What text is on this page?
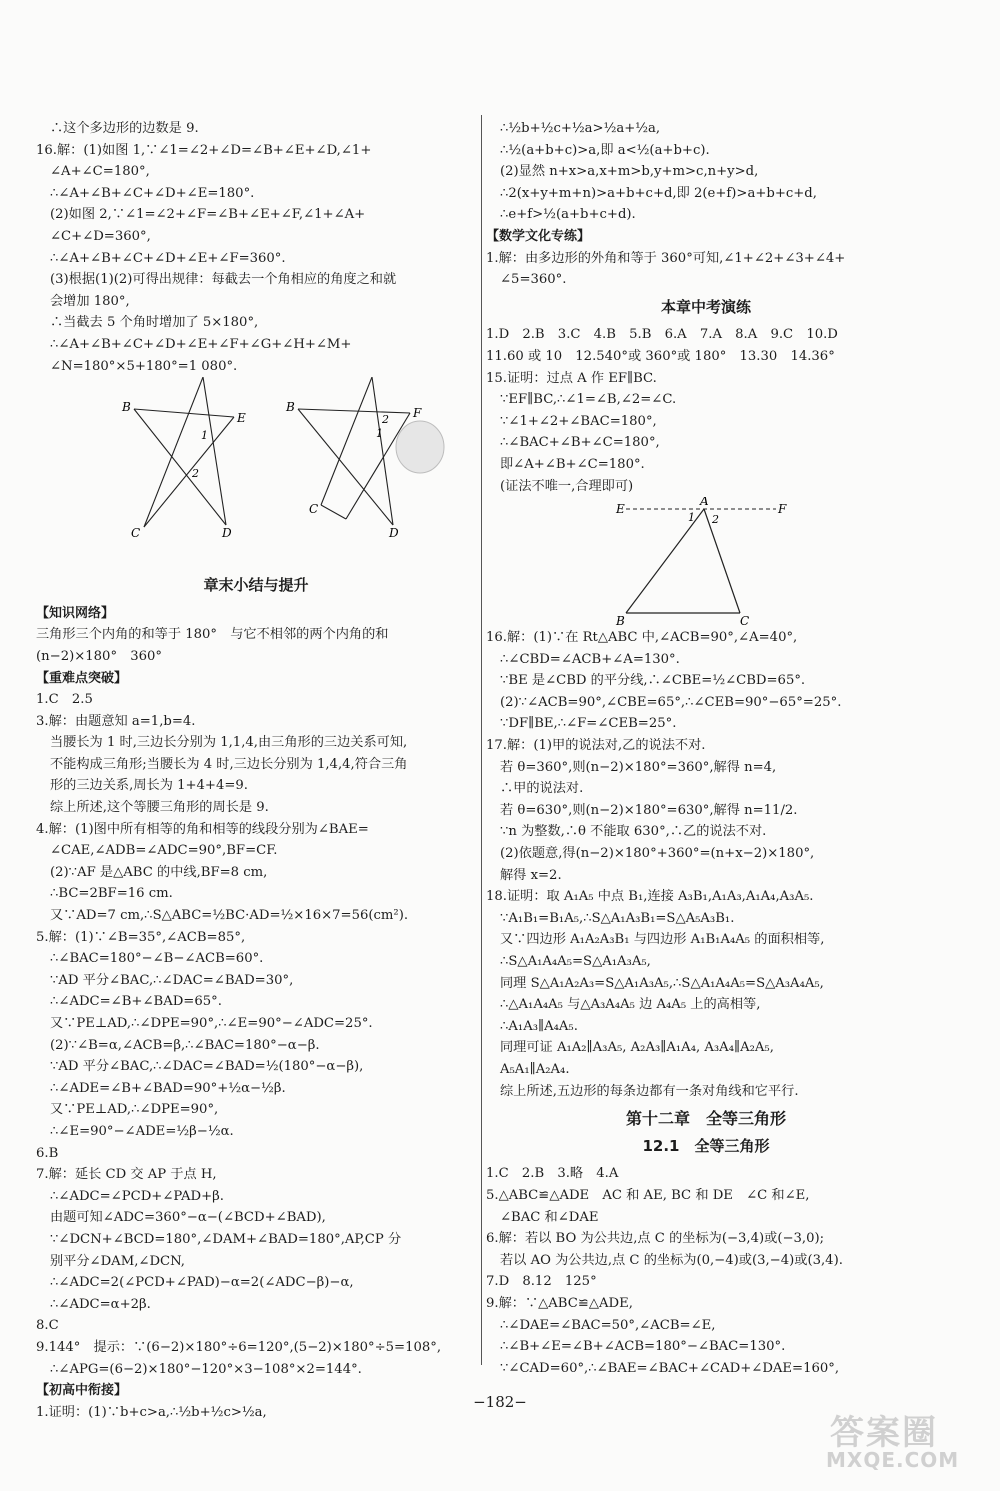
∴这个多边形的边数是 9.
16.解：(1)如图 1,∵∠1=∠2+∠D=∠B+∠E+∠D,∠1+
∠A+∠C=180°,
∴∠A+∠B+∠C+∠D+∠E=180°.
(2)如图 2,∵∠1=∠2+∠F=∠B+∠E+∠F,∠1+∠A+
∠C+∠D=360°,
∴∠A+∠B+∠C+∠D+∠E+∠F=360°.
(3)根据(1)(2)可得出规律：每截去一个角相应的角度之和就
会增加 180°,
∴当截去 5 个角时增加了 5×180°,
∴∠A+∠B+∠C+∠D+∠E+∠F+∠G+∠H+∠M+
∠N=180°×5+180°=1 080°.
B
E
C	D
1
2
B	F
C
D
1
2
章末小结与提升
【知识网络】
三角形三个内角的和等于 180°　与它不相邻的两个内角的和
(n−2)×180°　360°
【重难点突破】
1.C　2.5
3.解：由题意知 a=1,b=4.
当腰长为 1 时,三边长分别为 1,1,4,由三角形的三边关系可知,
不能构成三角形;当腰长为 4 时,三边长分别为 1,4,4,符合三角
形的三边关系,周长为 1+4+4=9.
综上所述,这个等腰三角形的周长是 9.
4.解：(1)图中所有相等的角和相等的线段分别为∠BAE=
∠CAE,∠ADB=∠ADC=90°,BF=CF.
(2)∵AF 是△ABC 的中线,BF=8 cm,
∴BC=2BF=16 cm.
又∵AD=7 cm,∴S△ABC=½BC·AD=½×16×7=56(cm²).
5.解：(1)∵∠B=35°,∠ACB=85°,
∴∠BAC=180°−∠B−∠ACB=60°.
∵AD 平分∠BAC,∴∠DAC=∠BAD=30°,
∴∠ADC=∠B+∠BAD=65°.
又∵PE⊥AD,∴∠DPE=90°,∴∠E=90°−∠ADC=25°.
(2)∵∠B=α,∠ACB=β,∴∠BAC=180°−α−β.
∵AD 平分∠BAC,∴∠DAC=∠BAD=½(180°−α−β),
∴∠ADE=∠B+∠BAD=90°+½α−½β.
又∵PE⊥AD,∴∠DPE=90°,
∴∠E=90°−∠ADE=½β−½α.
6.B
7.解：延长 CD 交 AP 于点 H,
∴∠ADC=∠PCD+∠PAD+β.
由题可知∠ADC=360°−α−(∠BCD+∠BAD),
∵∠DCN+∠BCD=180°,∠DAM+∠BAD=180°,AP,CP 分
别平分∠DAM,∠DCN,
∴∠ADC=2(∠PCD+∠PAD)−α=2(∠ADC−β)−α,
∴∠ADC=α+2β.
8.C
9.144°　提示：∵(6−2)×180°÷6=120°,(5−2)×180°÷5=108°,
∴∠APG=(6−2)×180°−120°×3−108°×2=144°.
【初高中衔接】
1.证明：(1)∵b+c>a,∴½b+½c>½a,
∴½b+½c+½a>½a+½a,
∴½(a+b+c)>a,即 a<½(a+b+c).
(2)显然 n+x>a,x+m>b,y+m>c,n+y>d,
∴2(x+y+m+n)>a+b+c+d,即 2(e+f)>a+b+c+d,
∴e+f>½(a+b+c+d).
【数学文化专练】
1.解：由多边形的外角和等于 360°可知,∠1+∠2+∠3+∠4+
∠5=360°.
本章中考演练
1.D　2.B　3.C　4.B　5.B　6.A　7.A　8.A　9.C　10.D
11.60 或 10　12.540°或 360°或 180°　13.30　14.36°
15.证明：过点 A 作 EF∥BC.
∵EF∥BC,∴∠1=∠B,∠2=∠C.
∵∠1+∠2+∠BAC=180°,
∴∠BAC+∠B+∠C=180°,
即∠A+∠B+∠C=180°.
(证法不唯一,合理即可)
E
A
F
1 2
B	C
16.解：(1)∵在 Rt△ABC 中,∠ACB=90°,∠A=40°,
∴∠CBD=∠ACB+∠A=130°.
∵BE 是∠CBD 的平分线,∴∠CBE=½∠CBD=65°.
(2)∵∠ACB=90°,∠CBE=65°,∴∠CEB=90°−65°=25°.
∵DF∥BE,∴∠F=∠CEB=25°.
17.解：(1)甲的说法对,乙的说法不对.
若 θ=360°,则(n−2)×180°=360°,解得 n=4,
∴甲的说法对.
若 θ=630°,则(n−2)×180°=630°,解得 n=11/2.
∵n 为整数,∴θ 不能取 630°,∴乙的说法不对.
(2)依题意,得(n−2)×180°+360°=(n+x−2)×180°,
解得 x=2.
18.证明：取 A₁A₅ 中点 B₁,连接 A₃B₁,A₁A₃,A₁A₄,A₃A₅.
∵A₁B₁=B₁A₅,∴S△A₁A₃B₁=S△A₅A₃B₁.
又∵四边形 A₁A₂A₃B₁ 与四边形 A₁B₁A₄A₅ 的面积相等,
∴S△A₁A₄A₅=S△A₁A₃A₅,
同理 S△A₁A₂A₃=S△A₁A₃A₅,∴S△A₁A₄A₅=S△A₃A₄A₅,
∴△A₁A₄A₅ 与△A₃A₄A₅ 边 A₄A₅ 上的高相等,
∴A₁A₃∥A₄A₅.
同理可证 A₁A₂∥A₃A₅, A₂A₃∥A₁A₄, A₃A₄∥A₂A₅,
A₅A₁∥A₂A₄.
综上所述,五边形的每条边都有一条对角线和它平行.
第十二章　全等三角形
12.1　全等三角形
1.C　2.B　3.略　4.A
5.△ABC≌△ADE　AC 和 AE, BC 和 DE　∠C 和∠E,
∠BAC 和∠DAE
6.解：若以 BO 为公共边,点 C 的坐标为(−3,4)或(−3,0);
若以 AO 为公共边,点 C 的坐标为(0,−4)或(3,−4)或(3,4).
7.D　8.12　125°
9.解：∵△ABC≌△ADE,
∴∠DAE=∠BAC=50°,∠ACB=∠E,
∴∠B+∠E=∠B+∠ACB=180°−∠BAC=130°.
∵∠CAD=60°,∴∠BAE=∠BAC+∠CAD+∠DAE=160°,
−182−
答案圈
MXQE.COM
